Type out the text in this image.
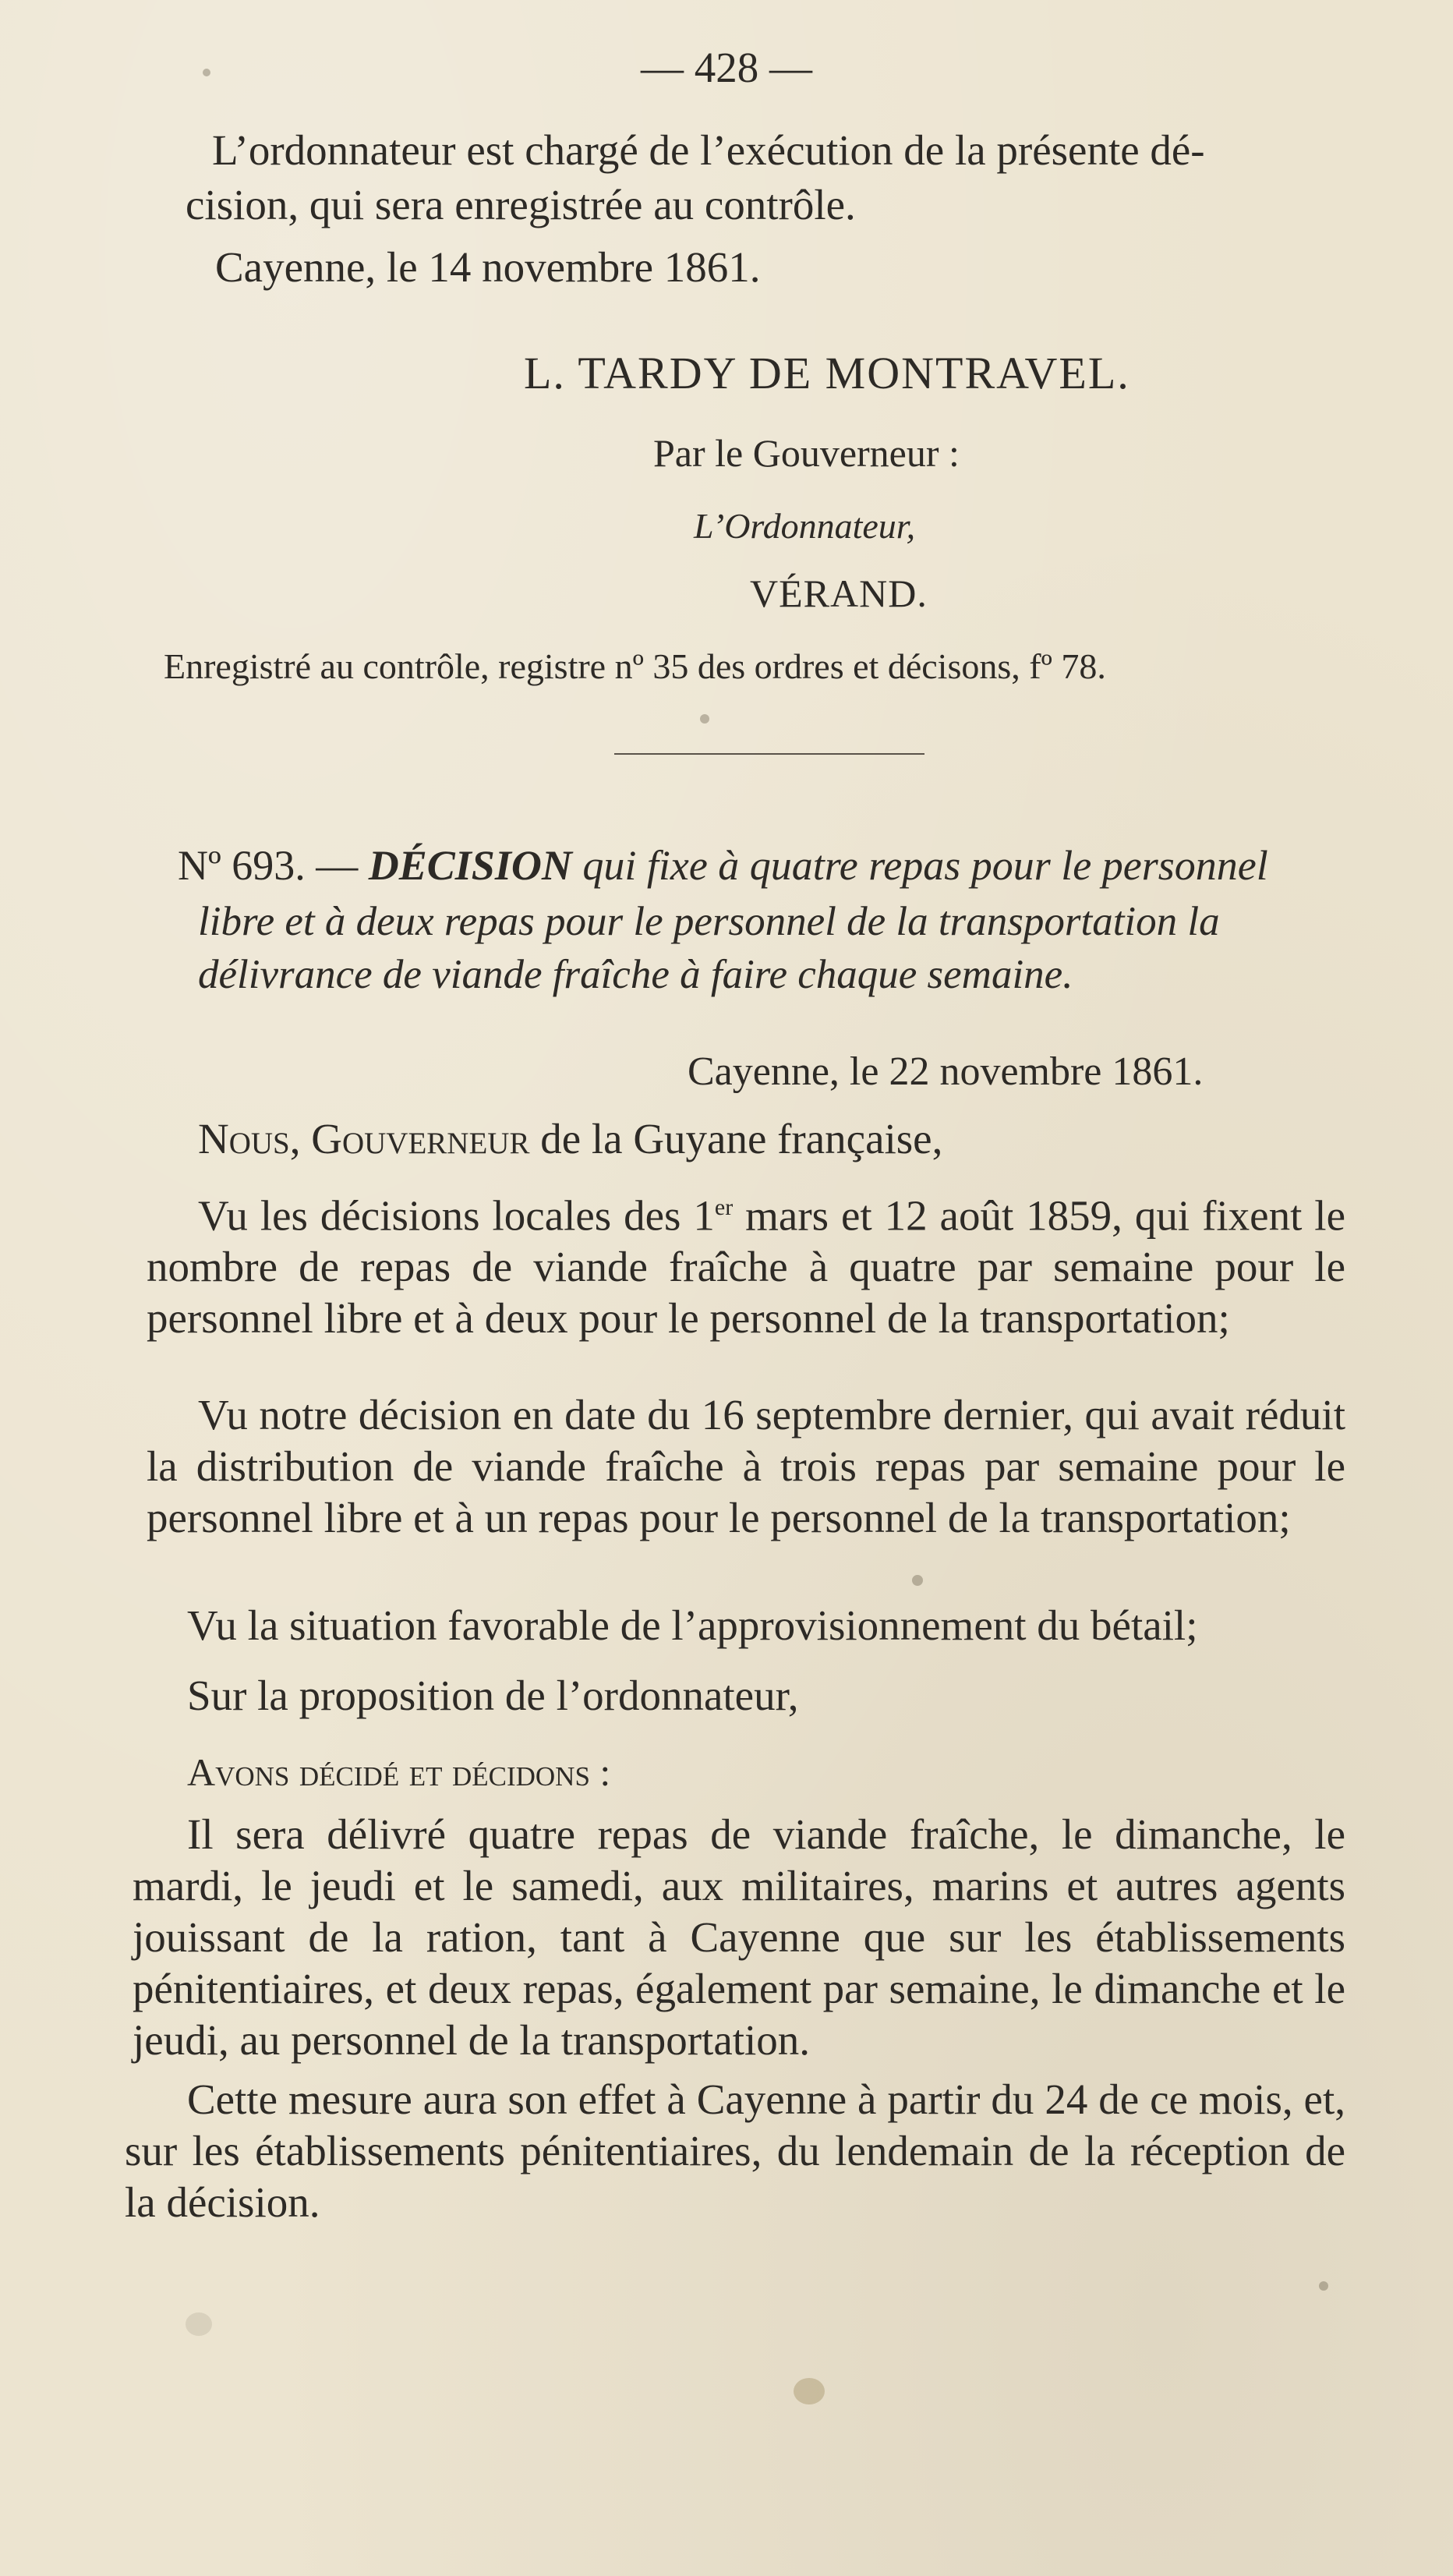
— 428 —
L’ordonnateur est chargé de l’exécution de la présente dé-
cision, qui sera enregistrée au contrôle.
Cayenne, le 14 novembre 1861.
L. TARDY DE MONTRAVEL.
Par le Gouverneur :
L’Ordonnateur,
VÉRAND.
Enregistré au contrôle, registre nº 35 des ordres et décisons, fº 78.
Nº 693. — DÉCISION qui fixe à quatre repas pour le personnel
libre et à deux repas pour le personnel de la transportation la
délivrance de viande fraîche à faire chaque semaine.
Cayenne, le 22 novembre 1861.
Nous, Gouverneur de la Guyane française,

Vu les décisions locales des 1er mars et 12 août 1859, qui fixent le nombre de repas de viande fraîche à quatre par semaine pour le personnel libre et à deux pour le personnel de la transportation;

Vu notre décision en date du 16 septembre dernier, qui avait réduit la distribution de viande fraîche à trois repas par semaine pour le personnel libre et à un repas pour le personnel de la transportation;

Vu la situation favorable de l’approvisionnement du bétail;

Sur la proposition de l’ordonnateur,

Avons décidé et décidons :

Il sera délivré quatre repas de viande fraîche, le dimanche, le mardi, le jeudi et le samedi, aux militaires, marins et autres agents jouissant de la ration, tant à Cayenne que sur les établissements pénitentiaires, et deux repas, également par semaine, le dimanche et le jeudi, au personnel de la transportation.

Cette mesure aura son effet à Cayenne à partir du 24 de ce mois, et, sur les établissements pénitentiaires, du lendemain de la réception de la décision.
